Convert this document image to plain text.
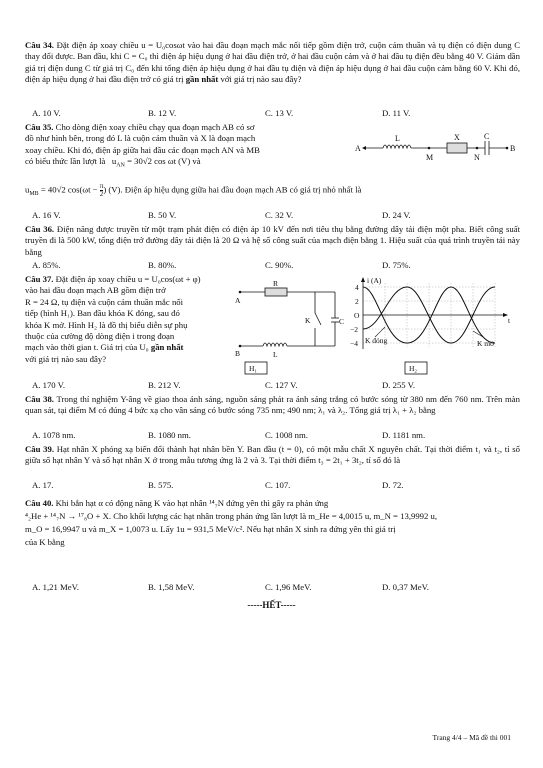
Câu 34. Đặt điện áp xoay chiều u = U₀cosωt vào hai đầu đoạn mạch mắc nối tiếp gồm điện trở, cuộn cảm thuần và tụ điện có điện dung C thay đổi được. Ban đầu, khi C = C₀ thì điện áp hiệu dụng ở hai đầu điện trở, ở hai đầu cuộn cảm và ở hai đầu tụ điện đều bằng 40 V. Giảm dần giá trị điện dung C từ giá trị C₀ đến khi tổng điện áp hiệu dụng ở hai đầu tụ điện và điện áp hiệu dụng ở hai đầu cuộn cảm bằng 60 V. Khi đó, điện áp hiệu dụng ở hai đầu điện trở có giá trị gần nhất với giá trị nào sau đây?
A. 10 V.	B. 12 V.	C. 13 V.	D. 11 V.
Câu 35. Cho dòng điện xoay chiều chạy qua đoạn mạch AB có sơ
đồ như hình bên, trong đó L là cuộn cảm thuần và X là đoạn mạch
xoay chiều. Khi đó, điện áp giữa hai đầu các đoạn mạch AN và MB
có biểu thức lần lượt là $u_{AN} = 30√2$ cos ωt (V) và
$u_{MB} = 40√2$ $\cos(\omega t - \frac{\pi}{2}$ ) (V). Điện áp hiệu dụng giữa hai đầu đoạn mạch AB có giá trị nhỏ nhất là
A
L
M
X
N
C
B
A. 16 V.	B. 50 V.	C. 32 V.	D. 24 V.
Câu 36. Điện năng được truyền từ một trạm phát điện có điện áp 10 kV đến nơi tiêu thụ bằng đường dây tải điện một pha. Biết công suất truyền đi là 500 kW, tổng điện trở đường dây tải điện là 20 Ω và hệ số công suất của mạch điện bằng 1. Hiệu suất của quá trình truyền tải này bằng
A. 85%.	B. 80%.	C. 90%.	D. 75%.
Câu 37. Đặt điện áp xoay chiều u = U₀cos(ωt + φ)
vào hai đầu đoạn mạch AB gồm điện trở
R = 24 Ω, tụ điện và cuộn cảm thuần mắc nối
tiếp (hình H₁). Ban đầu khóa K đóng, sau đó
khóa K mở. Hình H₂ là đồ thị biểu diễn sự phụ
thuộc của cường độ dòng điện i trong đoạn
mạch vào thời gian t. Giá trị của U₀ gần nhất
với giá trị nào sau đây?
A
R
K	C
B	L
H₁
i (A)
t
4
2
O
−2
−4 K đóng	K mở
H₂
A. 170 V.	B. 212 V.	C. 127 V.	D. 255 V.
Câu 38. Trong thí nghiệm Y-âng về giao thoa ánh sáng, nguồn sáng phát ra ánh sáng trắng có bước sóng từ 380 nm đến 760 nm. Trên màn quan sát, tại điểm M có đúng 4 bức xạ cho vân sáng có bước sóng 735 nm; 490 nm; λ₁ và λ₂. Tổng giá trị λ₁ + λ₂ bằng
A. 1078 nm.	B. 1080 nm.	C. 1008 nm.	D. 1181 nm.
Câu 39. Hạt nhân X phóng xạ biến đổi thành hạt nhân bền Y. Ban đầu (t = 0), có một mẫu chất X nguyên chất. Tại thời điểm t₁ và t₂, tỉ số giữa số hạt nhân Y và số hạt nhân X ở trong mẫu tương ứng là 2 và 3. Tại thời điểm t₃ = 2t₁ + 3t₂, tỉ số đó là
A. 17.	B. 575.	C. 107.	D. 72.
Câu 40. Khi bắn hạt α có động năng K vào hạt nhân ¹⁴₇N đứng yên thì gây ra phản ứng
⁴₂He + ¹⁴₇N → ¹⁷₈O + X. Cho khối lượng các hạt nhân trong phản ứng lần lượt là m_He = 4,0015 u, m_N = 13,9992 u,
m_O = 16,9947 u và m_X = 1,0073 u. Lấy 1u = 931,5 MeV/c². Nếu hạt nhân X sinh ra đứng yên thì giá trị
của K bằng
A. 1,21 MeV.	B. 1,58 MeV.	C. 1,96 MeV.	D. 0,37 MeV.
-----HẾT-----
Trang 4/4 – Mã đề thi 001
